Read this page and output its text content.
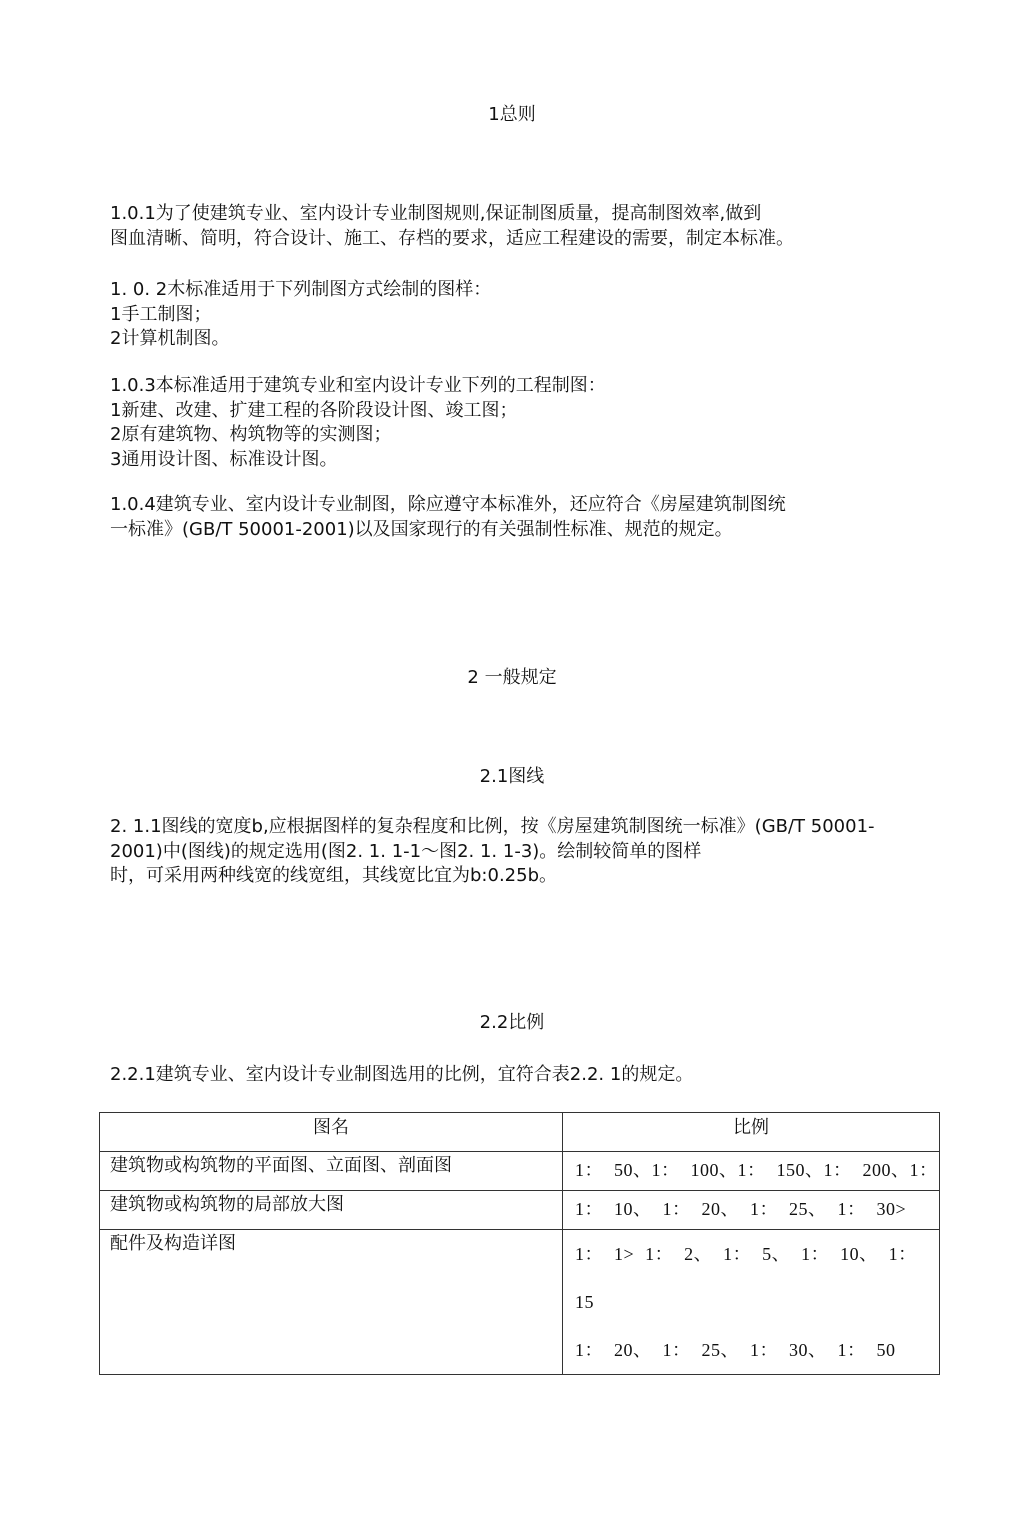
1总则
1.0.1为了使建筑专业、室内设计专业制图规则,保证制图质量，提高制图效率,做到
图血清晰、简明，符合设计、施工、存档的要求，适应工程建设的需要，制定本标准。
1. 0. 2木标准适用于下列制图方式绘制的图样：
1手工制图；
2计算机制图。
1.0.3本标准适用于建筑专业和室内设计专业下列的工程制图：
1新建、改建、扩建工程的各阶段设计图、竣工图；
2原有建筑物、构筑物等的实测图；
3通用设计图、标准设计图。
1.0.4建筑专业、室内设计专业制图，除应遵守本标准外，还应符合《房屋建筑制图统
一标准》(GB/T 50001-2001)以及国家现行的有关强制性标准、规范的规定。
2 一般规定
2.1图线
2. 1.1图线的宽度b,应根据图样的复杂程度和比例，按《房屋建筑制图统一标准》(GB/T 50001-
2001)中(图线)的规定选用(图2. 1. 1-1〜图2. 1. 1-3)。绘制较简单的图样
时，可采用两种线宽的线宽组，其线宽比宜为b:0.25b。
2.2比例
2.2.1建筑专业、室内设计专业制图选用的比例，宜符合表2.2. 1的规定。
图名	比例
建筑物或构筑物的平面图、立面图、剖面图	1： 50、1： 100、1： 150、1： 200、1：

建筑物或构筑物的局部放大图	1： 10、 1： 20、 1： 25、 1： 30>

配件及构造详图	1： 1> 1： 2、 1： 5、 1： 10、 1： 15
1： 20、 1： 25、 1： 30、 1： 50
